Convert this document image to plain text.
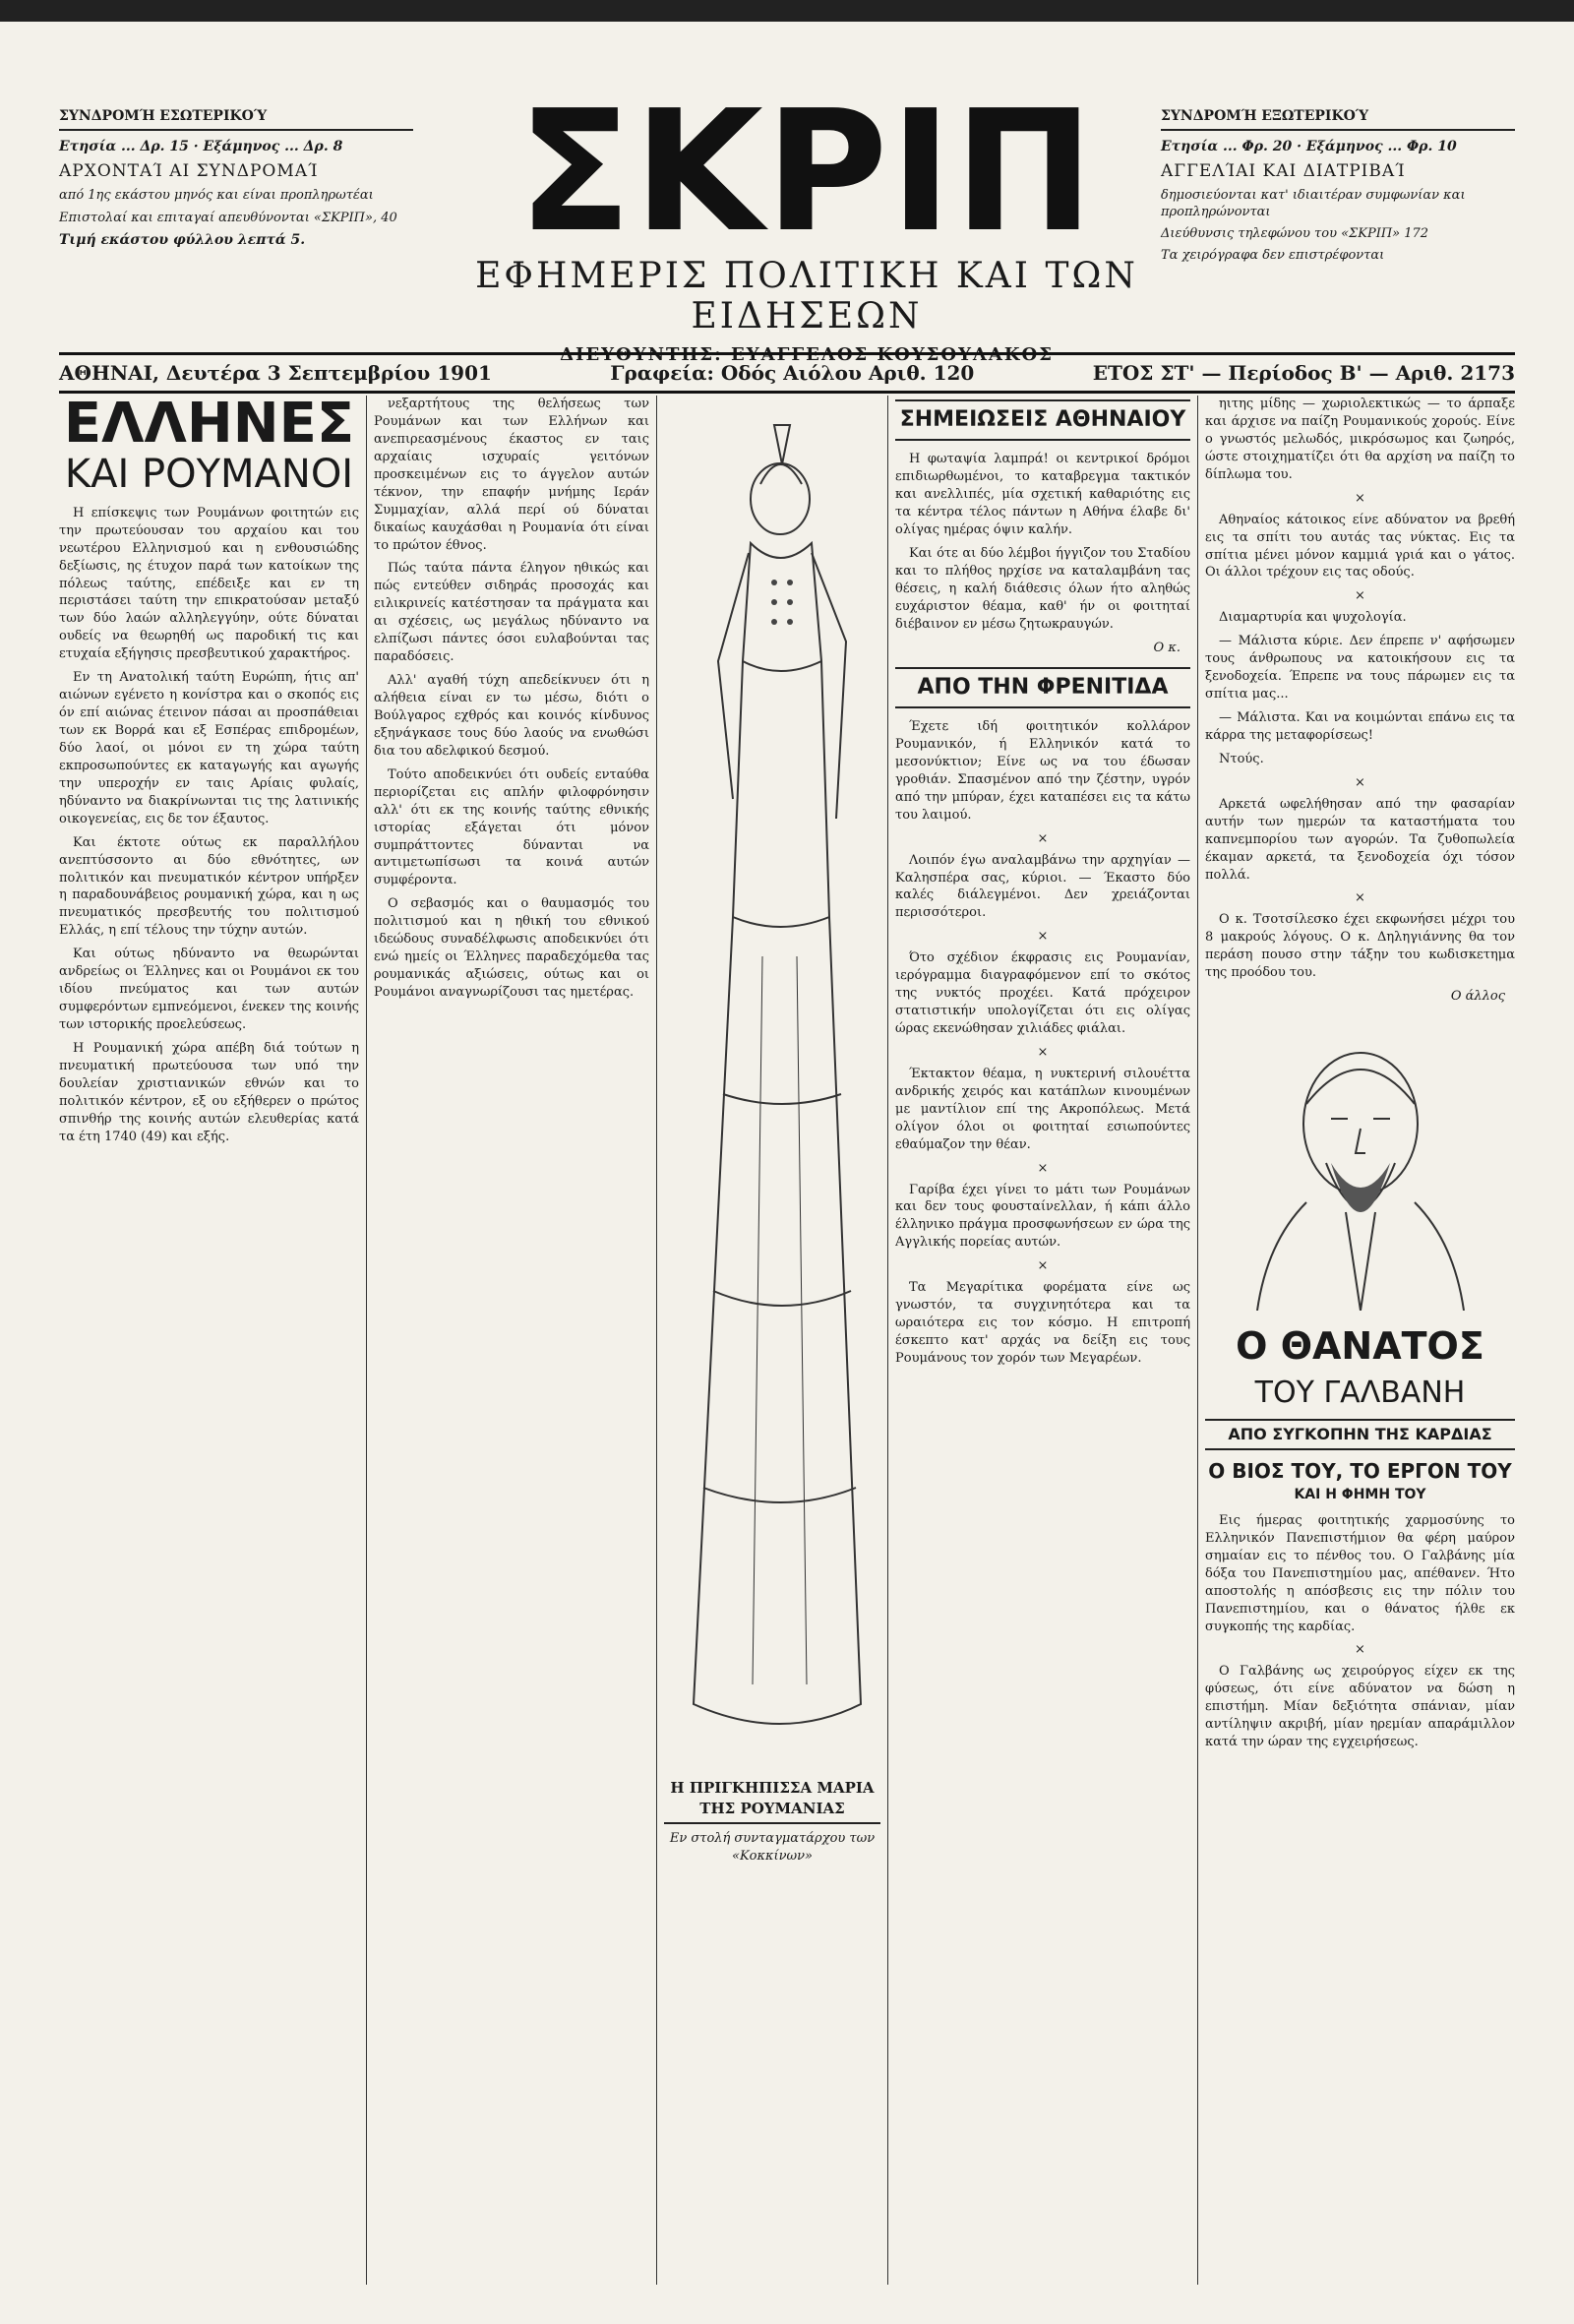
ΣΥΝΔΡΟΜΉ ΕΣΩΤΕΡΙΚΟΎ
Ετησία ... Δρ. 15 · Εξάμηνος ... Δρ. 8
ΑΡΧΟΝΤΑΊ ΑΙ ΣΥΝΔΡΟΜΑΊ
από 1ης εκάστου μηνός και είναι προπληρωτέαι
Επιστολαί και επιταγαί απευθύνονται «ΣΚΡΙΠ», 40
Τιμή εκάστου φύλλου λεπτά 5.	ΣΚΡΙΠ
ΕΦΗΜΕΡΙΣ ΠΟΛΙΤΙΚΗ ΚΑΙ ΤΩΝ ΕΙΔΗΣΕΩΝ
ΔΙΕΥΘΥΝΤΗΣ: ΕΥΑΓΓΕΛΟΣ ΚΟΥΣΟΥΛΑΚΟΣ
ΣΥΝΔΡΟΜΉ ΕΞΩΤΕΡΙΚΟΎ
Ετησία ... Φρ. 20 · Εξάμηνος ... Φρ. 10
ΑΓΓΕΛΊΑΙ ΚΑΙ ΔΙΑΤΡΙΒΑΊ
δημοσιεύονται κατ' ιδιαιτέραν συμφωνίαν και προπληρώνονται
Διεύθυνσις τηλεφώνου του «ΣΚΡΙΠ» 172
Τα χειρόγραφα δεν επιστρέφονται
ΑΘΗΝΑΙ, Δευτέρα 3 Σεπτεμβρίου 1901	Γραφεία: Οδός Αιόλου Αριθ. 120	ΕΤΟΣ ΣΤ' — Περίοδος Β' — Αριθ. 2173
ΕΛΛΗΝΕΣ
ΚΑΙ ΡΟΥΜΑΝΟΙ

Η επίσκεψις των Ρουμάνων φοιτητών εις την πρωτεύουσαν του αρχαίου και του νεωτέρου Ελληνισμού και η ενθουσιώδης δεξίωσις, ης έτυχον παρά των κατοίκων της πόλεως ταύτης, επέδειξε και εν τη περιστάσει ταύτη την επικρατούσαν μεταξύ των δύο λαών αλληλεγγύην, ούτε δύναται ουδείς να θεωρηθή ως παροδική τις και ετυχαία εξήγησις πρεσβευτικού χαρακτήρος.

Εν τη Ανατολική ταύτη Ευρώπη, ήτις απ' αιώνων εγένετο η κονίστρα και ο σκοπός εις όν επί αιώνας έτεινον πάσαι αι προσπάθειαι των εκ Βορρά και εξ Εσπέρας επιδρομέων, δύο λαοί, οι μόνοι εν τη χώρα ταύτη εκπροσωπούντες εκ καταγωγής και αγωγής την υπεροχήν εν ταις Αρίαις φυλαίς, ηδύναντο να διακρίνωνται τις της λατινικής οικογενείας, εις δε τον έξαυτος.

Και έκτοτε ούτως εκ παραλλήλου ανεπτύσσοντο αι δύο εθνότητες, ων πολιτικόν και πνευματικόν κέντρον υπήρξεν η παραδουνάβειος ρουμανική χώρα, και η ως πνευματικός πρεσβευτής του πολιτισμού Ελλάς, η επί τέλους την τύχην αυτών.

Και ούτως ηδύναντο να θεωρώνται ανδρείως οι Έλληνες και οι Ρουμάνοι εκ του ιδίου πνεύματος και των αυτών συμφερόντων εμπνεόμενοι, ένεκεν της κοινής των ιστορικής προελεύσεως.

Η Ρουμανική χώρα απέβη διά τούτων η πνευματική πρωτεύουσα των υπό την δουλείαν χριστιανικών εθνών και το πολιτικόν κέντρον, εξ ου εξήθερεν ο πρώτος σπινθήρ της κοινής αυτών ελευθερίας κατά τα έτη 1740 (49) και εξής.

νεξαρτήτους της θελήσεως των Ρουμάνων και των Ελλήνων και ανεπιρεασμένους έκαστος εν ταις αρχαίαις ισχυραίς γειτόνων προσκειμένων εις το άγγελον αυτών τέκνον, την επαφήν μνήμης Ιεράν Συμμαχίαν, αλλά περί ού δύναται δικαίως καυχάσθαι η Ρουμανία ότι είναι το πρώτον έθνος.

Πώς ταύτα πάντα έληγον ηθικώς και πώς εντεύθεν σιδηράς προσοχάς και ειλικρινείς κατέστησαν τα πράγματα και αι σχέσεις, ως μεγάλως ηδύναντο να ελπίζωσι πάντες όσοι ευλαβούνται τας παραδόσεις.

Αλλ' αγαθή τύχη απεδείκνυεν ότι η αλήθεια είναι εν τω μέσω, διότι ο Βούλγαρος εχθρός και κοινός κίνδυνος εξηνάγκασε τους δύο λαούς να ενωθώσι δια του αδελφικού δεσμού.

Τούτο αποδεικνύει ότι ουδείς ενταύθα περιορίζεται εις απλήν φιλοφρόνησιν αλλ' ότι εκ της κοινής ταύτης εθνικής ιστορίας εξάγεται ότι μόνον συμπράττοντες δύνανται να αντιμετωπίσωσι τα κοινά αυτών συμφέροντα.

Ο σεβασμός και ο θαυμασμός του πολιτισμού και η ηθική του εθνικού ιδεώδους συναδέλφωσις αποδεικνύει ότι ενώ ημείς οι Έλληνες παραδεχόμεθα τας ρουμανικάς αξιώσεις, ούτως και οι Ρουμάνοι αναγνωρίζουσι τας ημετέρας.

Η ΠΡΙΓΚΗΠΙΣΣΑ ΜΑΡΙΑ ΤΗΣ ΡΟΥΜΑΝΙΑΣ
Εν στολή συνταγματάρχου των «Κοκκίνων»
ΣΗΜΕΙΩΣΕΙΣ ΑΘΗΝΑΙΟΥ

Η φωταψία λαμπρά! οι κεντρικοί δρόμοι επιδιωρθωμένοι, το καταβρεγμα τακτικόν και ανελλιπές, μία σχετική καθαριότης εις τα κέντρα τέλος πάντων η Αθήνα έλαβε δι' ολίγας ημέρας όψιν καλήν.

Και ότε αι δύο λέμβοι ήγγιζον του Σταδίου και το πλήθος ηρχίσε να καταλαμβάνη τας θέσεις, η καλή διάθεσις όλων ήτο αληθώς ευχάριστον θέαμα, καθ' ήν οι φοιτηταί διέβαινον εν μέσω ζητωκραυγών.

Ο κ.
ΑΠΟ ΤΗΝ ΦΡΕΝΙΤΙΔΑ

Έχετε ιδή φοιτητικόν κολλάρον Ρουμανικόν, ή Ελληνικόν κατά το μεσονύκτιον; Είνε ως να του έδωσαν γροθιάν. Σπασμένον από την ζέστην, υγρόν από την μπύραν, έχει καταπέσει εις τα κάτω του λαιμού.

×

Λοιπόν έγω αναλαμβάνω την αρχηγίαν — Καλησπέρα σας, κύριοι. — Έκαστο δύο καλές διάλεγμένοι. Δεν χρειάζονται περισσότεροι.

×

Ότο σχέδιον έκφρασις εις Ρουμανίαν, ιερόγραμμα διαγραφόμενον επί το σκότος της νυκτός προχέει. Κατά πρόχειρον στατιστικήν υπολογίζεται ότι εις ολίγας ώρας εκενώθησαν χιλιάδες φιάλαι.

×

Έκτακτον θέαμα, η νυκτερινή σιλουέττα ανδρικής χειρός και κατάπλων κινουμένων με μαντίλιον επί της Ακροπόλεως. Μετά ολίγον όλοι οι φοιτηταί εσιωπούντες εθαύμαζον την θέαν.

×

Γαρίβα έχει γίνει το μάτι των Ρουμάνων και δεν τους φουσταίνελλαν, ή κάπι άλλο έλληνικο πράγμα προσφωνήσεων εν ώρα της Αγγλικής πορείας αυτών.

×

Τα Μεγαρίτικα φορέματα είνε ως γνωστόν, τα συγχινητότερα και τα ωραιότερα εις τον κόσμο. Η επιτροπή έσκεπτο κατ' αρχάς να δείξη εις τους Ρουμάνους τον χορόν των Μεγαρέων.

ηιτης μίδης — χωριολεκτικώς — το άρπαξε και άρχισε να παίζη Ρουμανικούς χορούς. Είνε ο γνωστός μελωδός, μικρόσωμος και ζωηρός, ώστε στοιχηματίζει ότι θα αρχίση να παίζη το δίπλωμα του.

×

Αθηναίος κάτοικος είνε αδύνατον να βρεθή εις τα σπίτι του αυτάς τας νύκτας. Εις τα σπίτια μένει μόνον καμμιά γριά και ο γάτος. Οι άλλοι τρέχουν εις τας οδούς.

×

Διαμαρτυρία και ψυχολογία.

— Μάλιστα κύριε. Δεν έπρεπε ν' αφήσωμεν τους άνθρωπους να κατοικήσουν εις τα ξενοδοχεία. Έπρεπε να τους πάρωμεν εις τα σπίτια μας...

— Μάλιστα. Και να κοιμώνται επάνω εις τα κάρρα της μεταφορίσεως!

Ντούς.

×

Αρκετά ωφελήθησαν από την φασαρίαν αυτήν των ημερών τα καταστήματα του καπνεμπορίου των αγορών. Τα ζυθοπωλεία έκαμαν αρκετά, τα ξενοδοχεία όχι τόσον πολλά.

×

Ο κ. Τσοτσίλεσκο έχει εκφωνήσει μέχρι του 8 μακρούς λόγους. Ο κ. Δηληγιάννης θα τον περάση πουσο στην τάξην του κωδισκετημα της προόδου του.

Ο άλλος
Ο ΘΑΝΑΤΟΣ
ΤΟΥ ΓΑΛΒΑΝΗ
ΑΠΟ ΣΥΓΚΟΠΗΝ ΤΗΣ ΚΑΡΔΙΑΣ
Ο ΒΙΟΣ ΤΟΥ, ΤΟ ΕΡΓΟΝ ΤΟΥ
ΚΑΙ Η ΦΗΜΗ ΤΟΥ

Εις ήμερας φοιτητικής χαρμοσύνης το Ελληνικόν Πανεπιστήμιον θα φέρη μαύρον σημαίαν εις το πένθος του. Ο Γαλβάνης μία δόξα του Πανεπιστημίου μας, απέθανεν. Ήτο αποστολής η απόσβεσις εις την πόλιν του Πανεπιστημίου, και ο θάνατος ήλθε εκ συγκοπής της καρδίας.

×

Ο Γαλβάνης ως χειρούργος είχεν εκ της φύσεως, ότι είνε αδύνατον να δώση η επιστήμη. Μίαν δεξιότητα σπάνιαν, μίαν αντίληψιν ακριβή, μίαν ηρεμίαν απαράμιλλον κατά την ώραν της εγχειρήσεως.
